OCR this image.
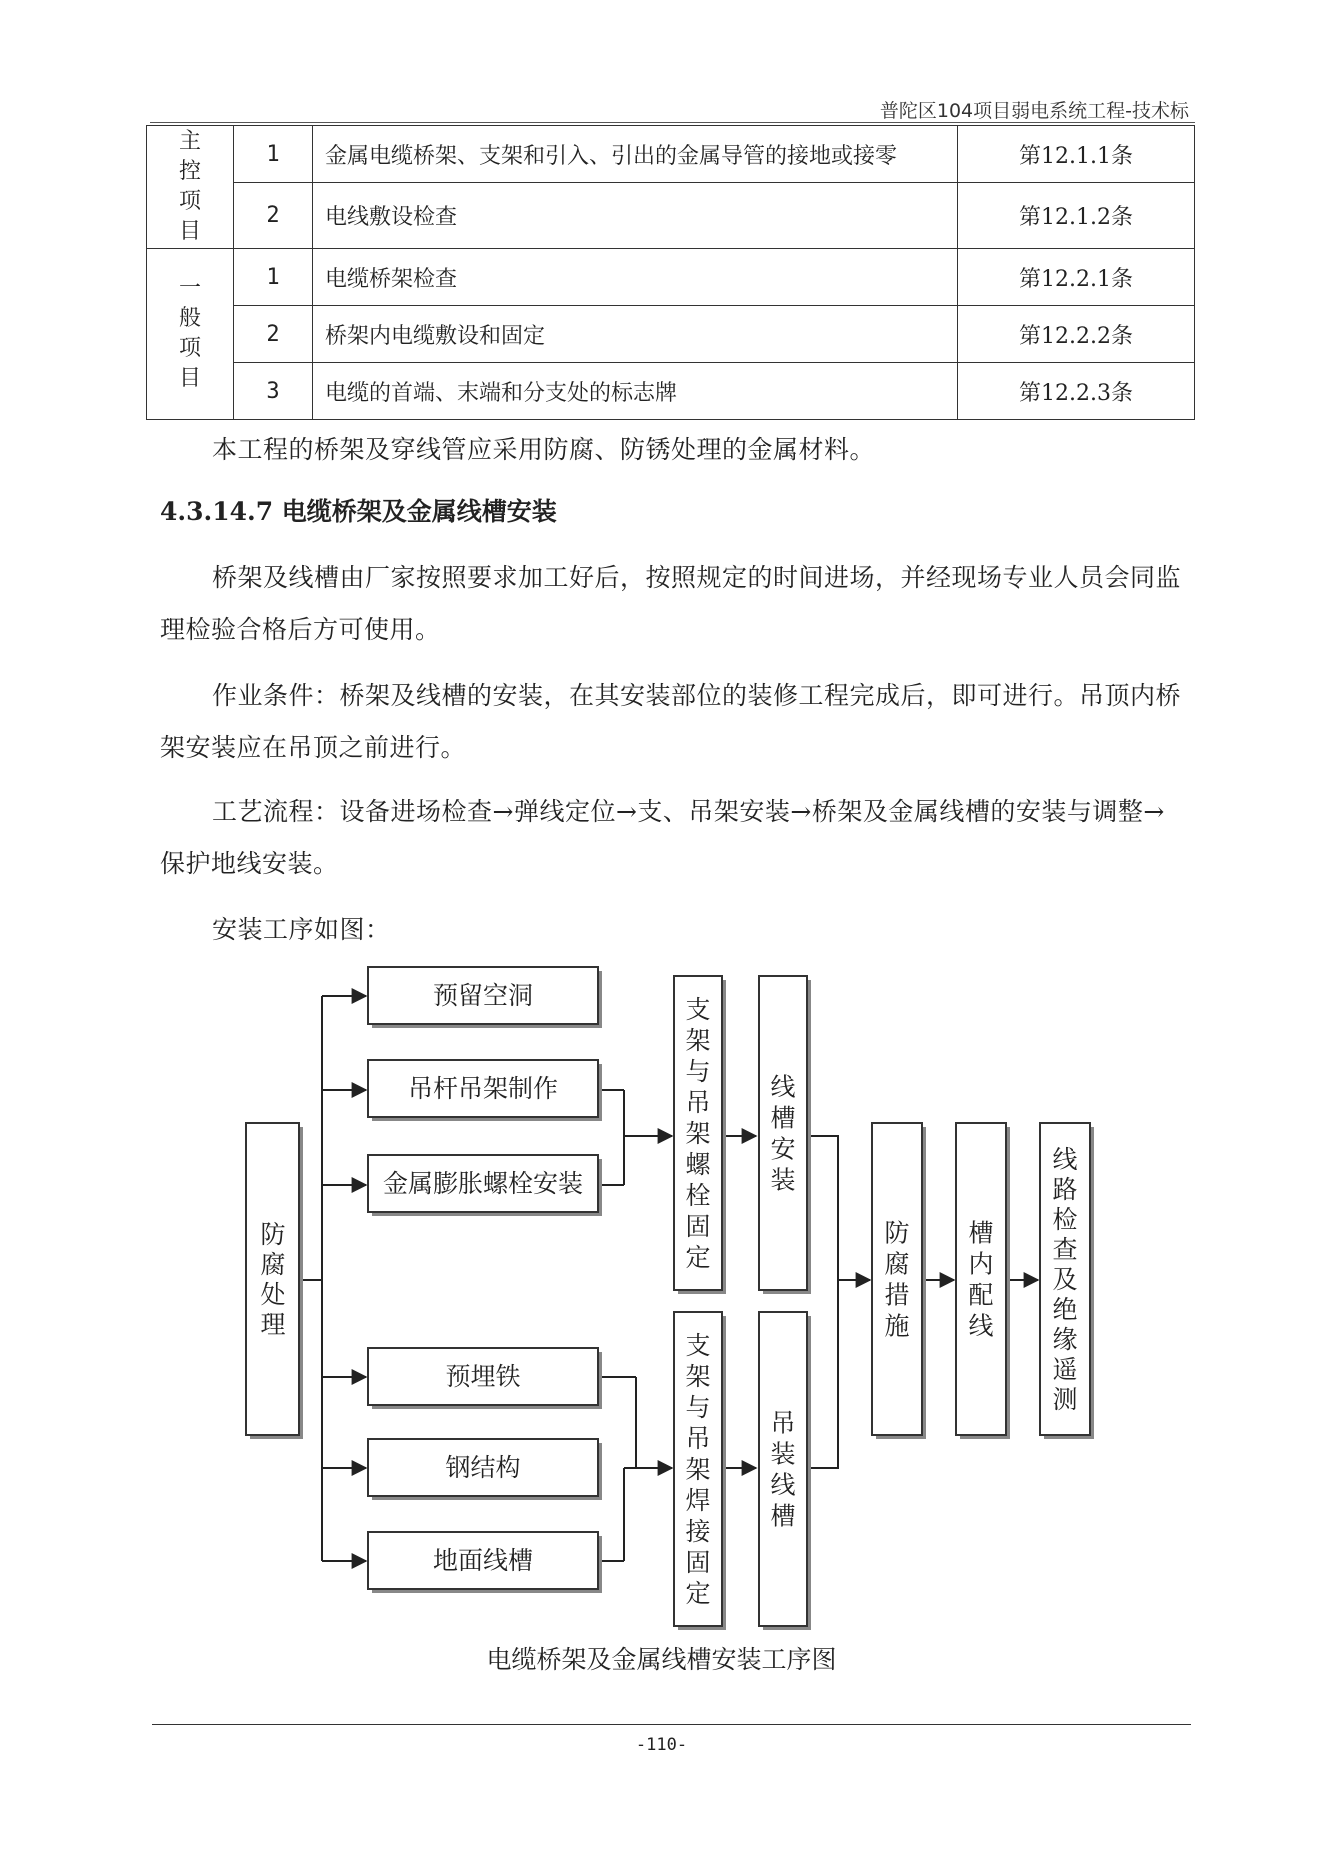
普陀区104项目弱电系统工程-技术标
主
控
项
目	1	金属电缆桥架、支架和引入、引出的金属导管的接地或接零	第12.1.1条
	2	电线敷设检查	第12.1.2条

一
般
项
目	1	电缆桥架检查	第12.2.1条
	2	桥架内电缆敷设和固定	第12.2.2条
	3	电缆的首端、末端和分支处的标志牌	第12.2.3条
本工程的桥架及穿线管应采用防腐、防锈处理的金属材料。
4.3.14.7 电缆桥架及金属线槽安装
桥架及线槽由厂家按照要求加工好后，按照规定的时间进场，并经现场专业人员会同监理检验合格后方可使用。
作业条件：桥架及线槽的安装，在其安装部位的装修工程完成后，即可进行。吊顶内桥架安装应在吊顶之前进行。
工艺流程：设备进场检查→弹线定位→支、吊架安装→桥架及金属线槽的安装与调整→保护地线安装。
安装工序如图：
防腐处理
预留空洞
吊杆吊架制作
金属膨胀螺栓安装
预埋铁
钢结构
地面线槽
支架与吊架螺栓固定
线槽安装
支架与吊架焊接固定
吊装线槽
防腐措施
槽内配线
线路检查及绝缘遥测
电缆桥架及金属线槽安装工序图
-110-
